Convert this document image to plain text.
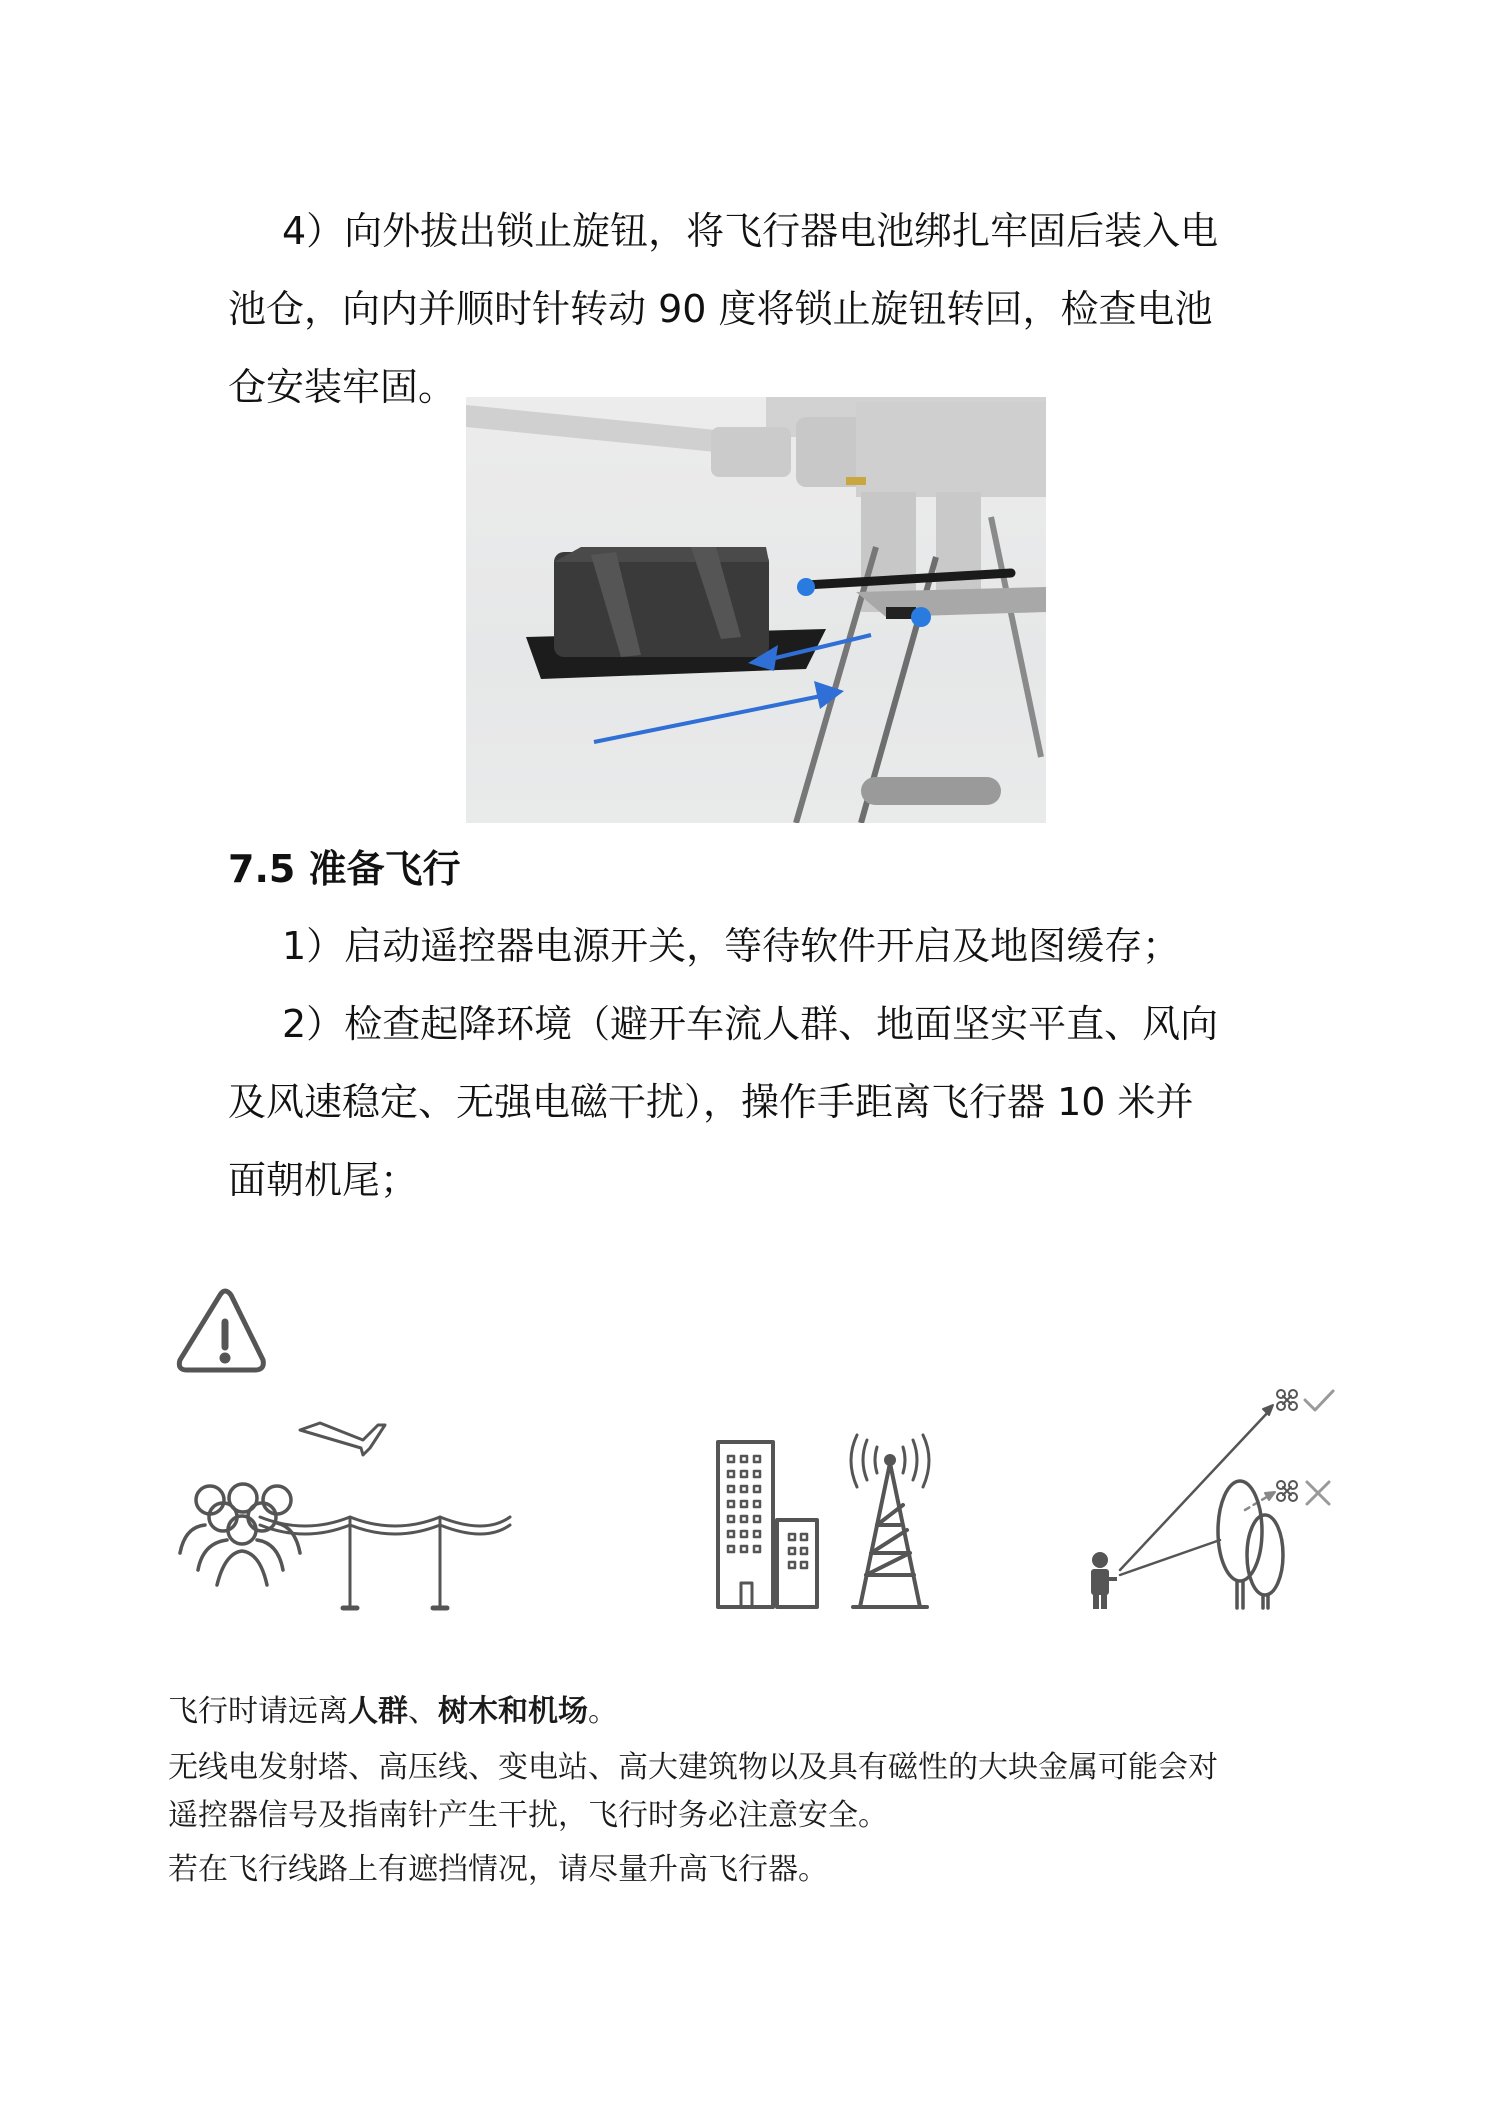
4）向外拔出锁止旋钮，将飞行器电池绑扎牢固后装入电
池仓，向内并顺时针转动 90 度将锁止旋钮转回，检查电池
仓安装牢固。
7.5 准备飞行
1）启动遥控器电源开关，等待软件开启及地图缓存；
2）检查起降环境（避开车流人群、地面坚实平直、风向
及风速稳定、无强电磁干扰），操作手距离飞行器 10 米并
面朝机尾；
飞行时请远离人群、树木和机场。
无线电发射塔、高压线、变电站、高大建筑物以及具有磁性的大块金属可能会对
遥控器信号及指南针产生干扰，飞行时务必注意安全。
若在飞行线路上有遮挡情况，请尽量升高飞行器。
